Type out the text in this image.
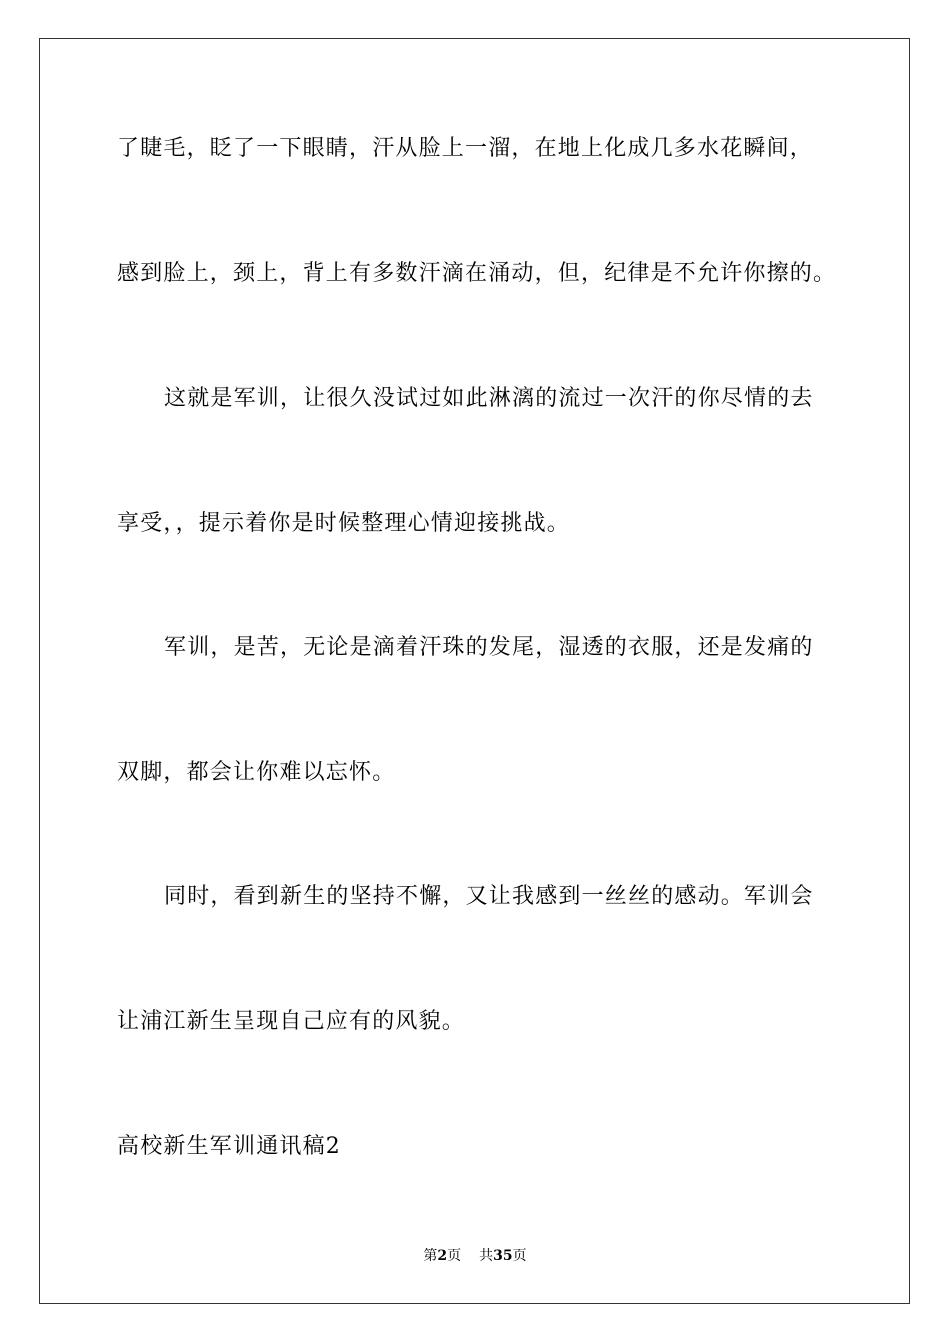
了睫毛，眨了一下眼睛，汗从脸上一溜，在地上化成几多水花瞬间，
感到脸上，颈上，背上有多数汗滴在涌动，但，纪律是不允许你擦的。
这就是军训，让很久没试过如此淋漓的流过一次汗的你尽情的去
享受，，提示着你是时候整理心情迎接挑战。
军训，是苦，无论是滴着汗珠的发尾，湿透的衣服，还是发痛的
双脚，都会让你难以忘怀。
同时，看到新生的坚持不懈，又让我感到一丝丝的感动。军训会
让浦江新生呈现自己应有的风貌。
高校新生军训通讯稿2
第2页 共35页
